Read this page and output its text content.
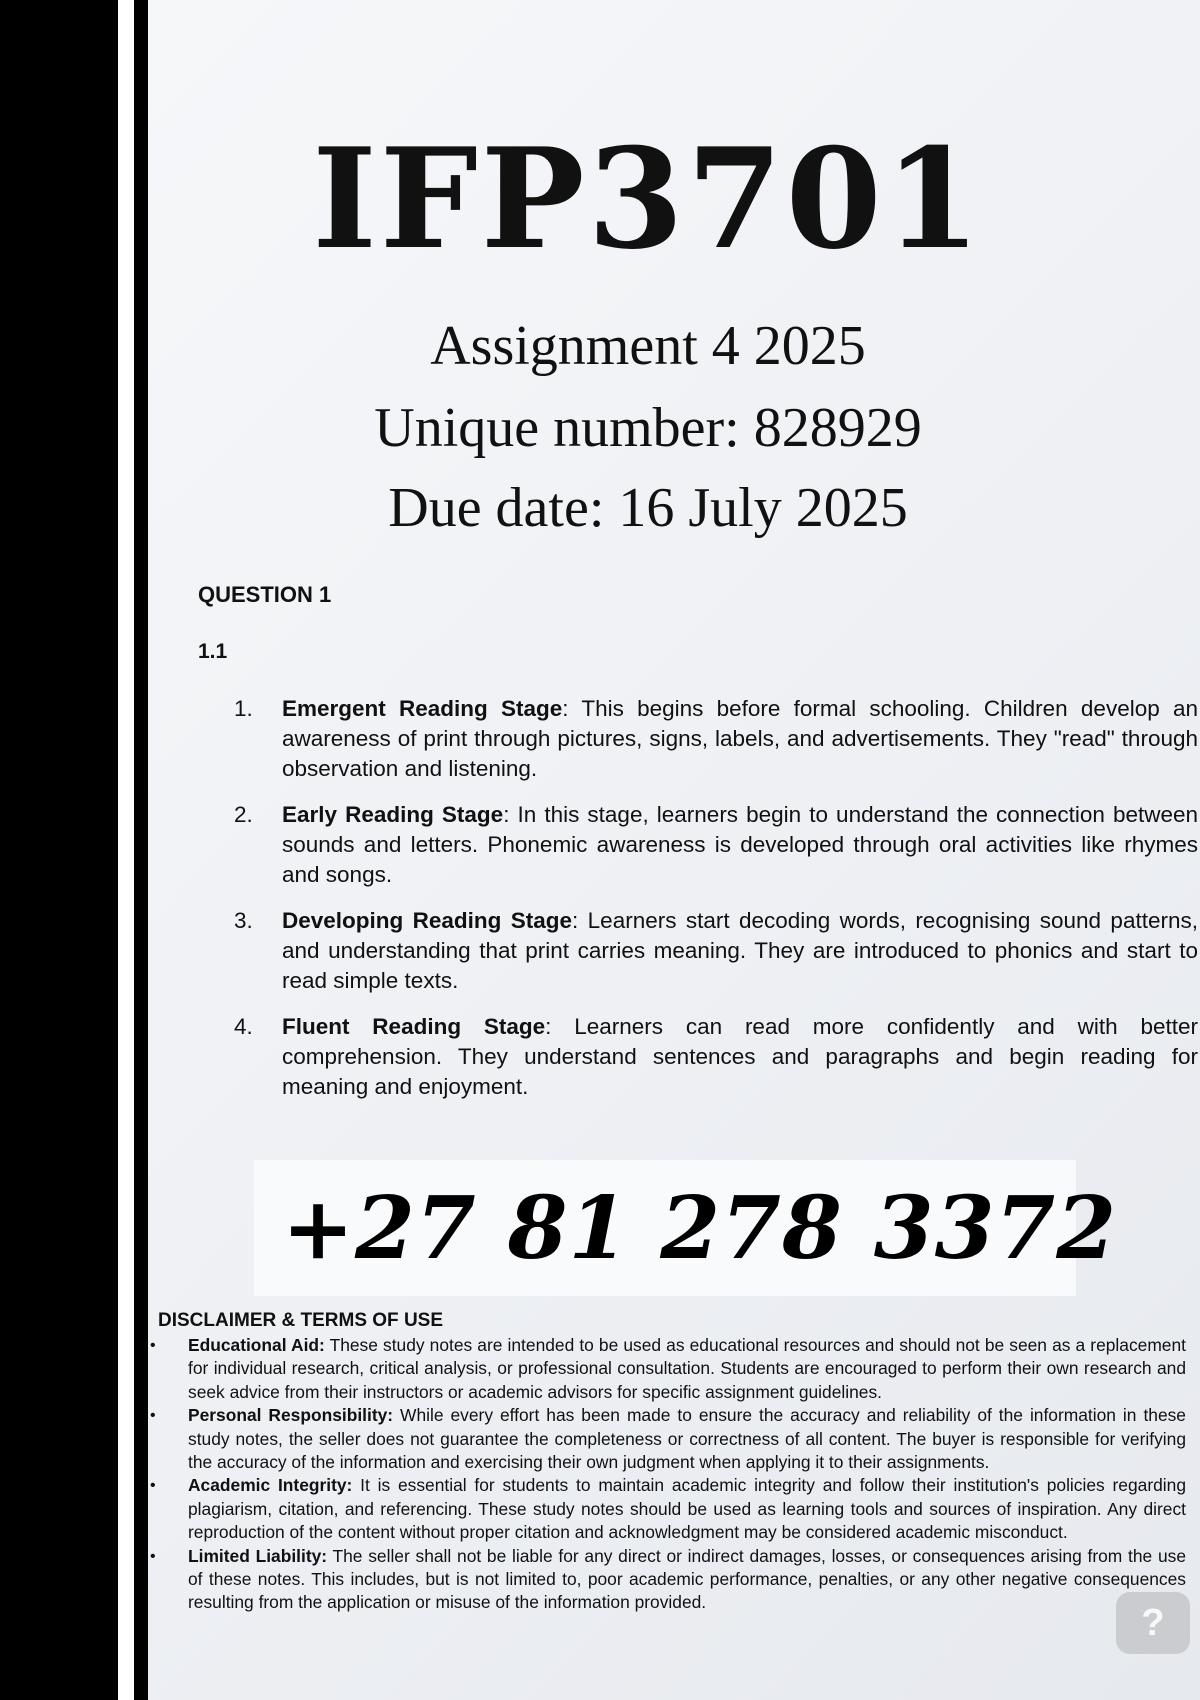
IFP3701
Assignment 4 2025
Unique number: 828929
Due date: 16 July 2025
QUESTION 1
1.1
1. Emergent Reading Stage: This begins before formal schooling. Children develop an awareness of print through pictures, signs, labels, and advertisements. They "read" through observation and listening.
2. Early Reading Stage: In this stage, learners begin to understand the connection between sounds and letters. Phonemic awareness is developed through oral activities like rhymes and songs.
3. Developing Reading Stage: Learners start decoding words, recognising sound patterns, and understanding that print carries meaning. They are introduced to phonics and start to read simple texts.
4. Fluent Reading Stage: Learners can read more confidently and with better comprehension. They understand sentences and paragraphs and begin reading for meaning and enjoyment.
+27 81 278 3372
DISCLAIMER & TERMS OF USE
• Educational Aid: These study notes are intended to be used as educational resources and should not be seen as a replacement for individual research, critical analysis, or professional consultation. Students are encouraged to perform their own research and seek advice from their instructors or academic advisors for specific assignment guidelines.
• Personal Responsibility: While every effort has been made to ensure the accuracy and reliability of the information in these study notes, the seller does not guarantee the completeness or correctness of all content. The buyer is responsible for verifying the accuracy of the information and exercising their own judgment when applying it to their assignments.
• Academic Integrity: It is essential for students to maintain academic integrity and follow their institution's policies regarding plagiarism, citation, and referencing. These study notes should be used as learning tools and sources of inspiration. Any direct reproduction of the content without proper citation and acknowledgment may be considered academic misconduct.
• Limited Liability: The seller shall not be liable for any direct or indirect damages, losses, or consequences arising from the use of these notes. This includes, but is not limited to, poor academic performance, penalties, or any other negative consequences resulting from the application or misuse of the information provided.	?
